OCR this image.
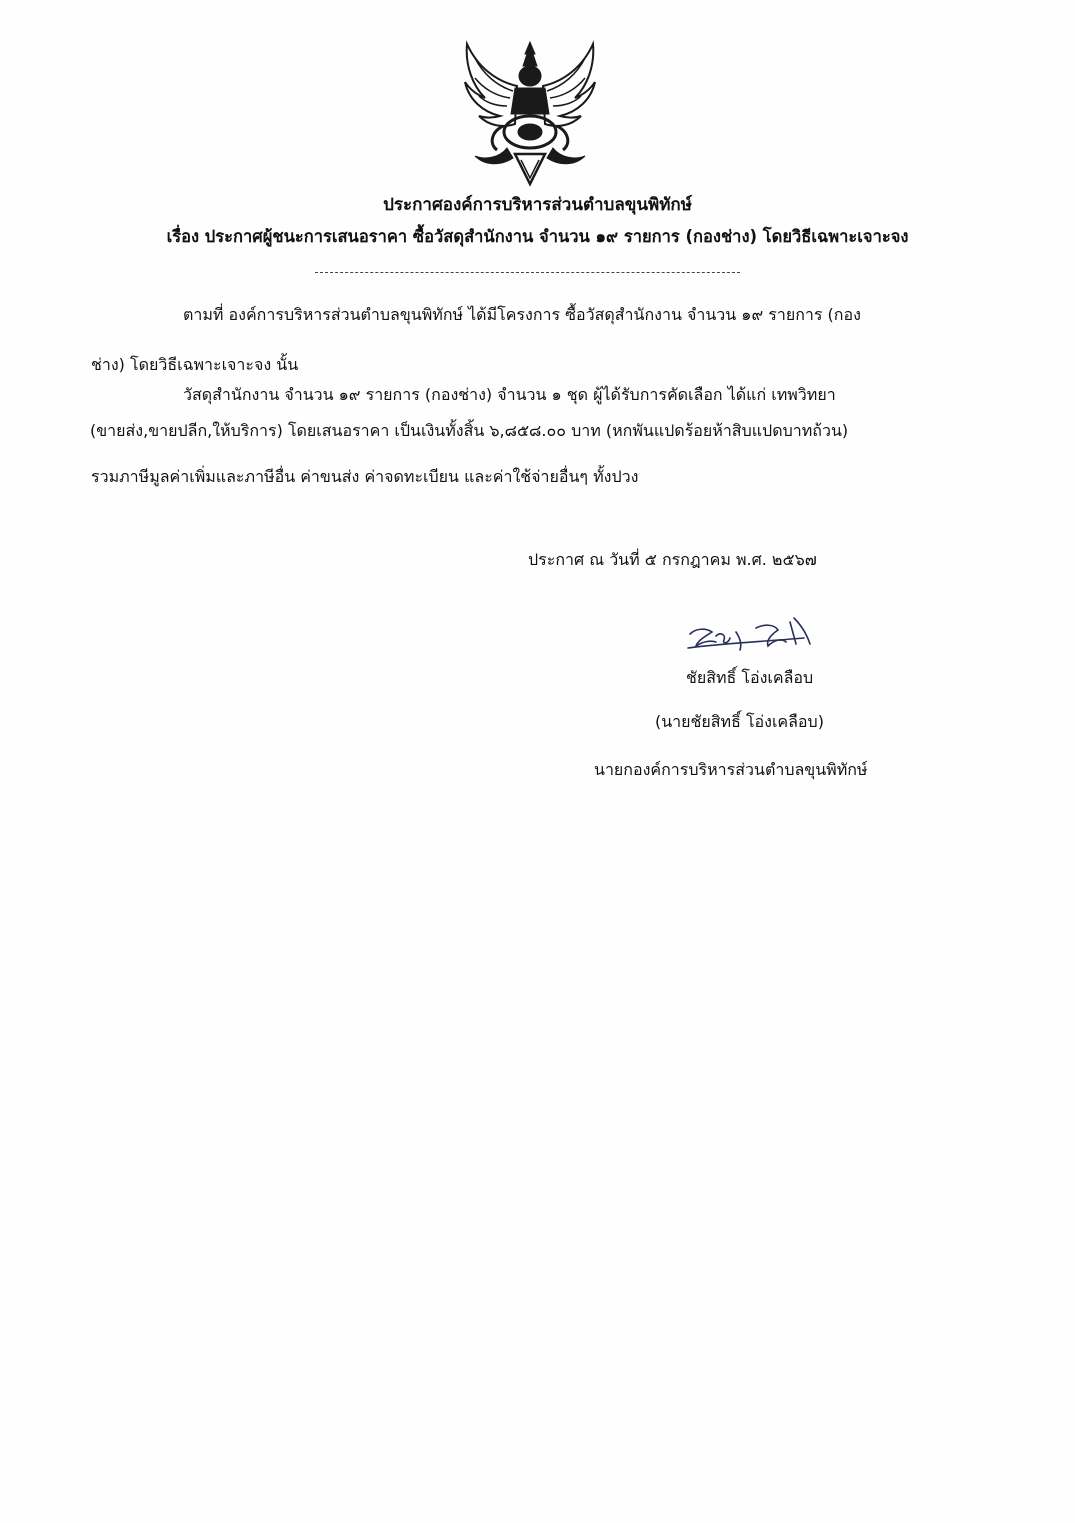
ประกาศองค์การบริหารส่วนตำบลขุนพิทักษ์
เรื่อง ประกาศผู้ชนะการเสนอราคา ซื้อวัสดุสำนักงาน จำนวน ๑๙ รายการ (กองช่าง) โดยวิธีเฉพาะเจาะจง
ตามที่ องค์การบริหารส่วนตำบลขุนพิทักษ์ ได้มีโครงการ ซื้อวัสดุสำนักงาน จำนวน ๑๙ รายการ (กอง
ช่าง) โดยวิธีเฉพาะเจาะจง นั้น
วัสดุสำนักงาน จำนวน ๑๙ รายการ (กองช่าง) จำนวน ๑ ชุด ผู้ได้รับการคัดเลือก ได้แก่ เทพวิทยา
(ขายส่ง,ขายปลีก,ให้บริการ) โดยเสนอราคา เป็นเงินทั้งสิ้น ๖,๘๕๘.๐๐ บาท (หกพันแปดร้อยห้าสิบแปดบาทถ้วน)
รวมภาษีมูลค่าเพิ่มและภาษีอื่น ค่าขนส่ง ค่าจดทะเบียน และค่าใช้จ่ายอื่นๆ ทั้งปวง
ประกาศ ณ วันที่ ๕ กรกฎาคม พ.ศ. ๒๕๖๗
ชัยสิทธิ์ โอ่งเคลือบ
(นายชัยสิทธิ์ โอ่งเคลือบ)
นายกองค์การบริหารส่วนตำบลขุนพิทักษ์
